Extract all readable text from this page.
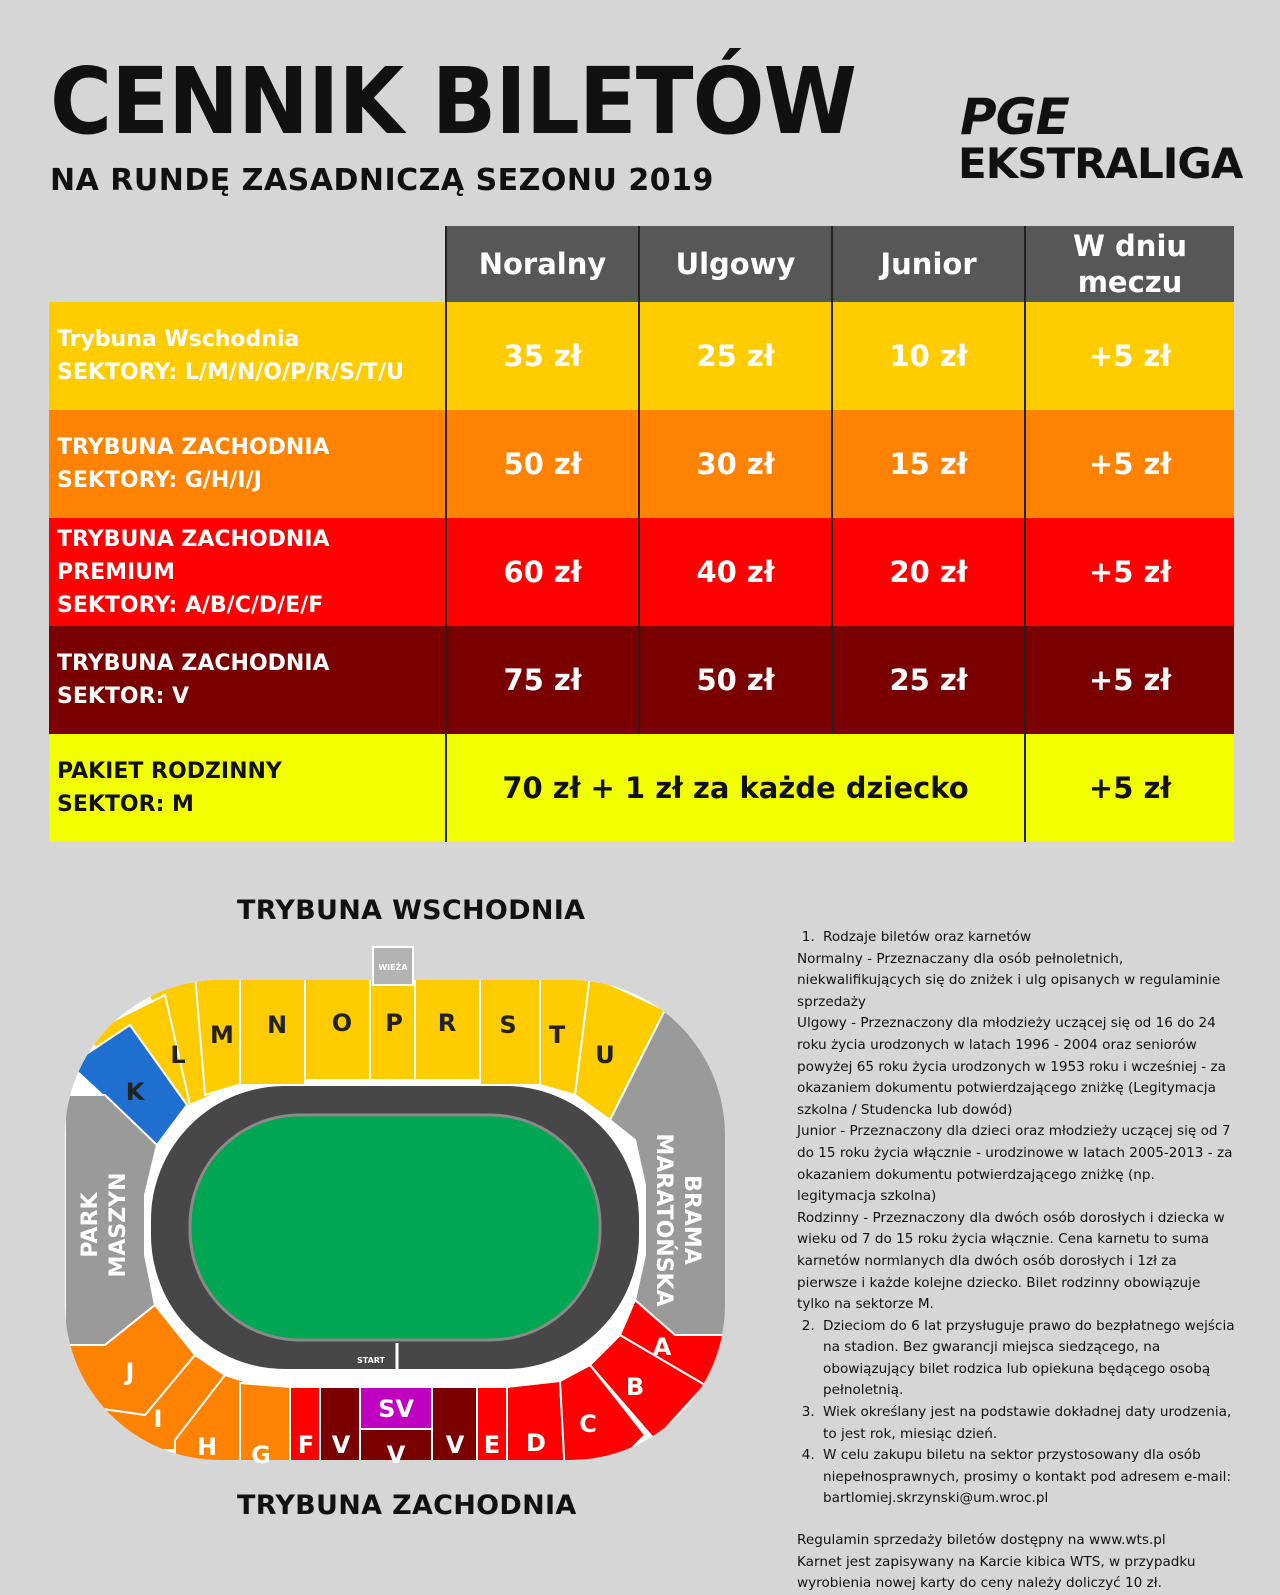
CENNIK BILETÓW
NA RUNDĘ ZASADNICZĄ SEZONU 2019
PGE
EKSTRALIGA
	Noralny	Ulgowy	Junior	W dniu meczu

Trybuna Wschodnia
SEKTORY: L/M/N/O/P/R/S/T/U	35 zł	25 zł	10 zł	+5 zł

TRYBUNA ZACHODNIA
SEKTORY: G/H/I/J	50 zł	30 zł	15 zł	+5 zł

TRYBUNA ZACHODNIA PREMIUM
SEKTORY: A/B/C/D/E/F	60 zł	40 zł	20 zł	+5 zł

TRYBUNA ZACHODNIA
SEKTOR: V	75 zł	50 zł	25 zł	+5 zł

PAKIET RODZINNY
SEKTOR: M	70 zł + 1 zł za każde dziecko			+5 zł
TRYBUNA WSCHODNIA
TRYBUNA ZACHODNIA
WIEŻA
START
K
L
M N O P R S T
U
PARK MASZYN	BRAMA
MARATOŃSKA
J
I
H G F V
SV
V V E D
C
B
A
1. Rodzaje biletów oraz karnetów

Normalny - Przeznaczany dla osób pełnoletnich, niekwalifikujących się do zniżek i ulg opisanych w regulaminie sprzedaży

Ulgowy - Przeznaczony dla młodzieży uczącej się od 16 do 24 roku życia urodzonych w latach 1996 - 2004 oraz seniorów powyżej 65 roku życia urodzonych w 1953 roku i wcześniej - za okazaniem dokumentu potwierdzającego zniżkę (Legitymacja szkolna / Studencka lub dowód)

Junior - Przeznaczony dla dzieci oraz młodzieży uczącej się od 7 do 15 roku życia włącznie - urodzinowe w latach 2005-2013 - za okazaniem dokumentu potwierdzającego zniżkę (np. legitymacja szkolna)

Rodzinny - Przeznaczony dla dwóch osób dorosłych i dziecka w wieku od 7 do 15 roku życia włącznie. Cena karnetu to suma karnetów normlanych dla dwóch osób dorosłych i 1zł za pierwsze i każde kolejne dziecko. Bilet rodzinny obowiązuje tylko na sektorze M.

2. Dzieciom do 6 lat przysługuje prawo do bezpłatnego wejścia na stadion. Bez gwarancji miejsca siedzącego, na obowiązujący bilet rodzica lub opiekuna będącego osobą pełnoletnią.
3. Wiek określany jest na podstawie dokładnej daty urodzenia, to jest rok, miesiąc dzień.
4. W celu zakupu biletu na sektor przystosowany dla osób niepełnosprawnych, prosimy o kontakt pod adresem e-mail: bartlomiej.skrzynski@um.wroc.pl

Regulamin sprzedaży biletów dostępny na www.wts.pl

Karnet jest zapisywany na Karcie kibica WTS, w przypadku wyrobienia nowej karty do ceny należy doliczyć 10 zł.
